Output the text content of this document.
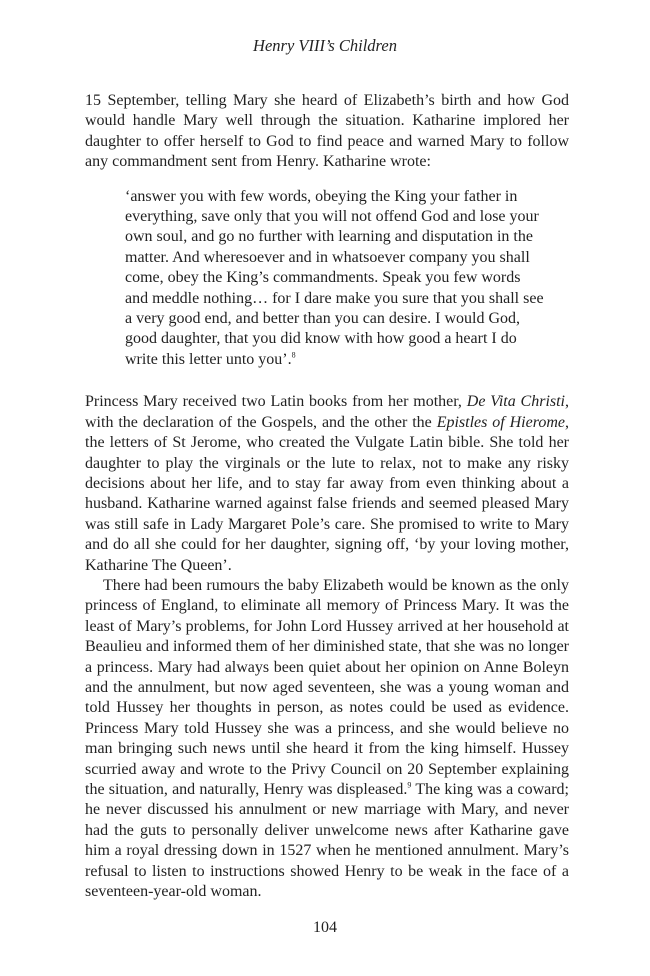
Henry VIII’s Children

15 September, telling Mary she heard of Elizabeth’s birth and how God would handle Mary well through the situation. Katharine implored her daughter to offer herself to God to find peace and warned Mary to follow any commandment sent from Henry. Katharine wrote:

‘answer you with few words, obeying the King your father in everything, save only that you will not offend God and lose your own soul, and go no further with learning and disputation in the matter. And wheresoever and in whatsoever company you shall come, obey the King’s commandments. Speak you few words and meddle nothing… for I dare make you sure that you shall see a very good end, and better than you can desire. I would God, good daughter, that you did know with how good a heart I do write this letter unto you’.$^8$

Princess Mary received two Latin books from her mother, De Vita Christi, with the declaration of the Gospels, and the other the Epistles of Hierome, the letters of St Jerome, who created the Vulgate Latin bible. She told her daughter to play the virginals or the lute to relax, not to make any risky decisions about her life, and to stay far away from even thinking about a husband. Katharine warned against false friends and seemed pleased Mary was still safe in Lady Margaret Pole’s care. She promised to write to Mary and do all she could for her daughter, signing off, ‘by your loving mother, Katharine The Queen’.

There had been rumours the baby Elizabeth would be known as the only princess of England, to eliminate all memory of Princess Mary. It was the least of Mary’s problems, for John Lord Hussey arrived at her household at Beaulieu and informed them of her diminished state, that she was no longer a princess. Mary had always been quiet about her opinion on Anne Boleyn and the annulment, but now aged seventeen, she was a young woman and told Hussey her thoughts in person, as notes could be used as evidence. Princess Mary told Hussey she was a princess, and she would believe no man bringing such news until she heard it from the king himself. Hussey scurried away and wrote to the Privy Council on 20 September explaining the situation, and naturally, Henry was displeased.$^9$ The king was a coward; he never discussed his annulment or new marriage with Mary, and never had the guts to personally deliver unwelcome news after Katharine gave him a royal dressing down in 1527 when he mentioned annulment. Mary’s refusal to listen to instructions showed Henry to be weak in the face of a seventeen-year-old woman.

104
